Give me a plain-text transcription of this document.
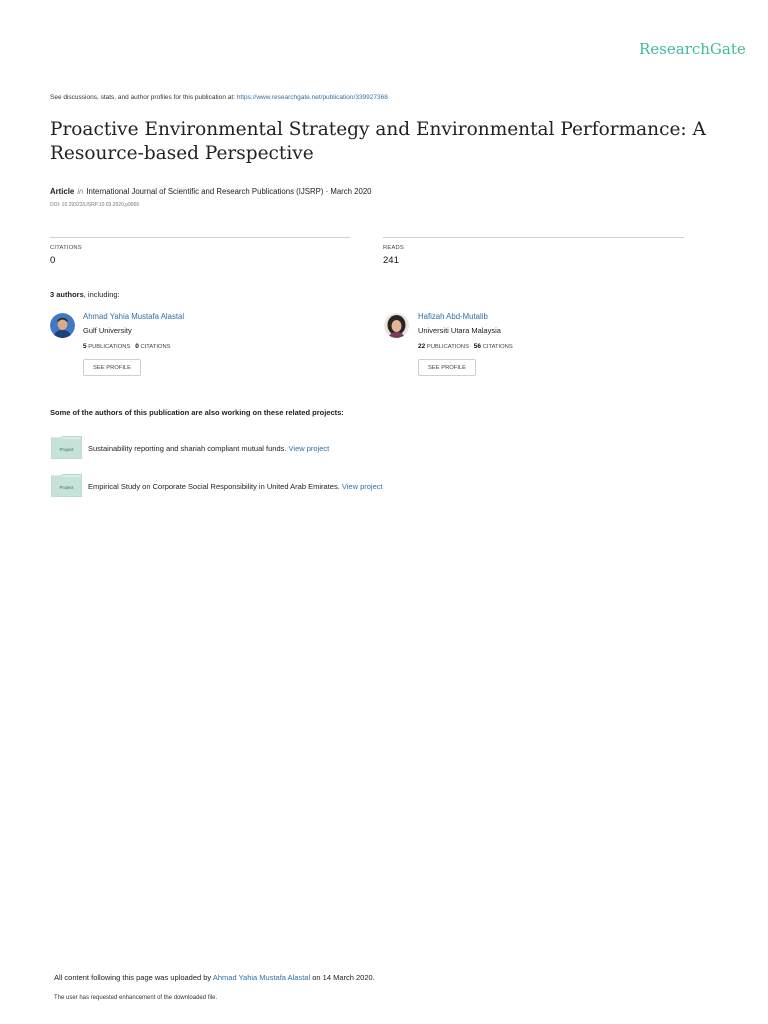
ResearchGate
See discussions, stats, and author profiles for this publication at: https://www.researchgate.net/publication/339927368
Proactive Environmental Strategy and Environmental Performance: A Resource-based Perspective
Article in International Journal of Scientific and Research Publications (IJSRP) · March 2020
DOI: 10.29322/IJSRP.10.03.2020.p9966
CITATIONS
0
READS
241
3 authors, including:
Ahmad Yahia Mustafa Alastal
Gulf University
5 PUBLICATIONS 0 CITATIONS
SEE PROFILE
Hafizah Abd-Mutalib
Universiti Utara Malaysia
22 PUBLICATIONS 56 CITATIONS
SEE PROFILE
Some of the authors of this publication are also working on these related projects:
Project Sustainability reporting and shariah compliant mutual funds. View project
Project Empirical Study on Corporate Social Responsibility in United Arab Emirates. View project
All content following this page was uploaded by Ahmad Yahia Mustafa Alastal on 14 March 2020.
The user has requested enhancement of the downloaded file.
